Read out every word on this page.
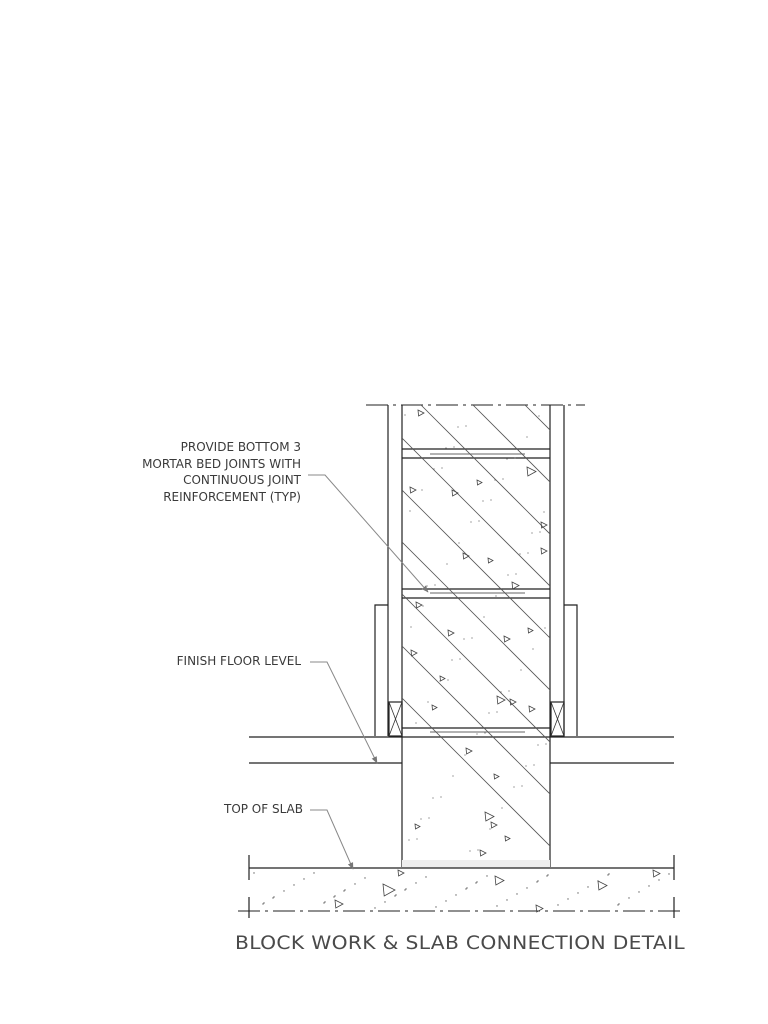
PROVIDE BOTTOM 3
MORTAR BED JOINTS WITH
CONTINUOUS JOINT
REINFORCEMENT (TYP)
FINISH FLOOR LEVEL
TOP OF SLAB
BLOCK WORK & SLAB CONNECTION DETAIL
